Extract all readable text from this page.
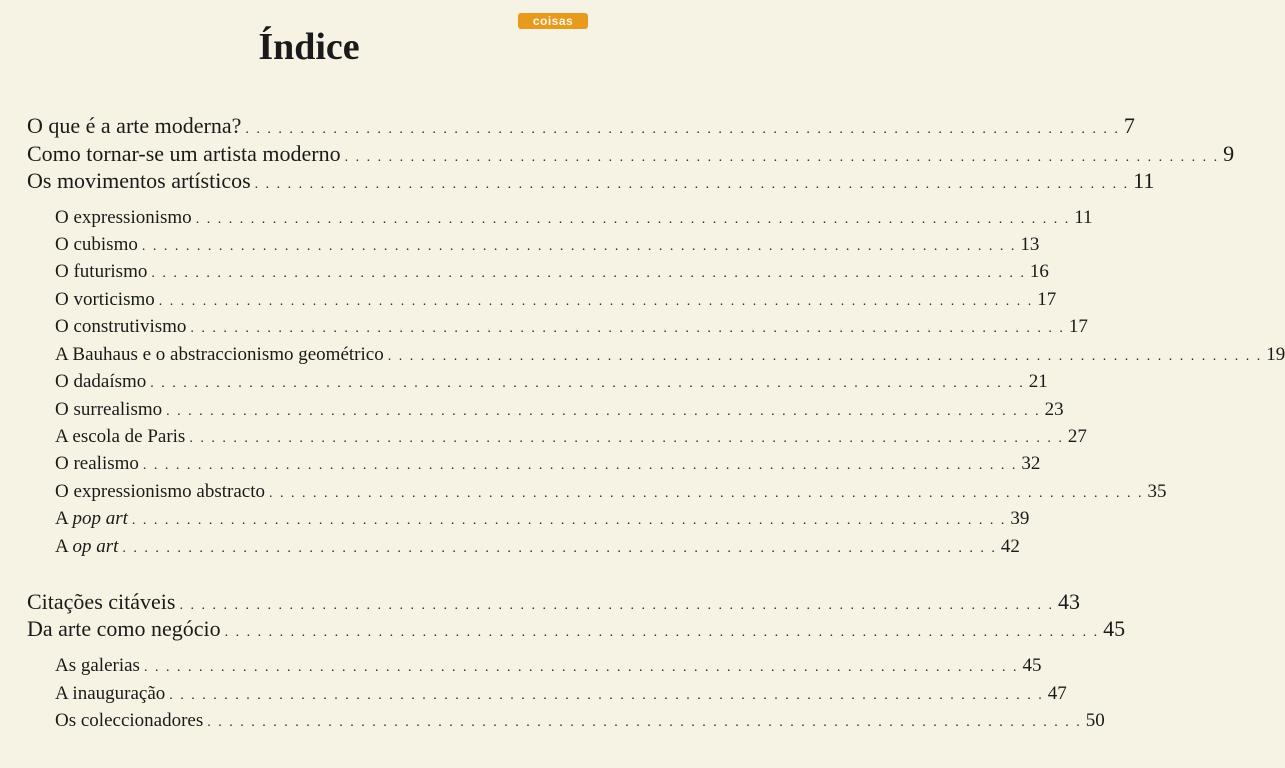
coisas
Índice
O que é a arte moderna? . . . . . . . . . . . . . . . . . . . . . . . . . . . . . . . . . . . . . . . . . . . . . . . . . . . . . . . . . . . . . . . . . . . . . . . . . . . . . . . . 7
Como tornar-se um artista moderno . . . . . . . . . . . . . . . . . . . . . . . . . . . . . . . . . . . . . . . . . . . . . . . . . . . . . . . . . . . . . . . . . . . . . . . . . . . . . . . . 9
Os movimentos artísticos . . . . . . . . . . . . . . . . . . . . . . . . . . . . . . . . . . . . . . . . . . . . . . . . . . . . . . . . . . . . . . . . . . . . . . . . . . . . . . . . 11
O expressionismo . . . . . . . . . . . . . . . . . . . . . . . . . . . . . . . . . . . . . . . . . . . . . . . . . . . . . . . . . . . . . . . . . . . . . . . . . . . . . . . . 11
O cubismo . . . . . . . . . . . . . . . . . . . . . . . . . . . . . . . . . . . . . . . . . . . . . . . . . . . . . . . . . . . . . . . . . . . . . . . . . . . . . . . . 13
O futurismo . . . . . . . . . . . . . . . . . . . . . . . . . . . . . . . . . . . . . . . . . . . . . . . . . . . . . . . . . . . . . . . . . . . . . . . . . . . . . . . . 16
O vorticismo . . . . . . . . . . . . . . . . . . . . . . . . . . . . . . . . . . . . . . . . . . . . . . . . . . . . . . . . . . . . . . . . . . . . . . . . . . . . . . . . 17
O construtivismo . . . . . . . . . . . . . . . . . . . . . . . . . . . . . . . . . . . . . . . . . . . . . . . . . . . . . . . . . . . . . . . . . . . . . . . . . . . . . . . . 17
A Bauhaus e o abstraccionismo geométrico . . . . . . . . . . . . . . . . . . . . . . . . . . . . . . . . . . . . . . . . . . . . . . . . . . . . . . . . . . . . . . . . . . . . . . . . . . . . . . . . 19
O dadaísmo . . . . . . . . . . . . . . . . . . . . . . . . . . . . . . . . . . . . . . . . . . . . . . . . . . . . . . . . . . . . . . . . . . . . . . . . . . . . . . . . 21
O surrealismo . . . . . . . . . . . . . . . . . . . . . . . . . . . . . . . . . . . . . . . . . . . . . . . . . . . . . . . . . . . . . . . . . . . . . . . . . . . . . . . . 23
A escola de Paris . . . . . . . . . . . . . . . . . . . . . . . . . . . . . . . . . . . . . . . . . . . . . . . . . . . . . . . . . . . . . . . . . . . . . . . . . . . . . . . . 27
O realismo . . . . . . . . . . . . . . . . . . . . . . . . . . . . . . . . . . . . . . . . . . . . . . . . . . . . . . . . . . . . . . . . . . . . . . . . . . . . . . . . 32
O expressionismo abstracto . . . . . . . . . . . . . . . . . . . . . . . . . . . . . . . . . . . . . . . . . . . . . . . . . . . . . . . . . . . . . . . . . . . . . . . . . . . . . . . . 35
A pop art . . . . . . . . . . . . . . . . . . . . . . . . . . . . . . . . . . . . . . . . . . . . . . . . . . . . . . . . . . . . . . . . . . . . . . . . . . . . . . . . 39
A op art . . . . . . . . . . . . . . . . . . . . . . . . . . . . . . . . . . . . . . . . . . . . . . . . . . . . . . . . . . . . . . . . . . . . . . . . . . . . . . . . 42
Citações citáveis . . . . . . . . . . . . . . . . . . . . . . . . . . . . . . . . . . . . . . . . . . . . . . . . . . . . . . . . . . . . . . . . . . . . . . . . . . . . . . . . 43
Da arte como negócio . . . . . . . . . . . . . . . . . . . . . . . . . . . . . . . . . . . . . . . . . . . . . . . . . . . . . . . . . . . . . . . . . . . . . . . . . . . . . . . . 45
As galerias . . . . . . . . . . . . . . . . . . . . . . . . . . . . . . . . . . . . . . . . . . . . . . . . . . . . . . . . . . . . . . . . . . . . . . . . . . . . . . . . 45
A inauguração . . . . . . . . . . . . . . . . . . . . . . . . . . . . . . . . . . . . . . . . . . . . . . . . . . . . . . . . . . . . . . . . . . . . . . . . . . . . . . . . 47
Os coleccionadores . . . . . . . . . . . . . . . . . . . . . . . . . . . . . . . . . . . . . . . . . . . . . . . . . . . . . . . . . . . . . . . . . . . . . . . . . . . . . . . . 50
